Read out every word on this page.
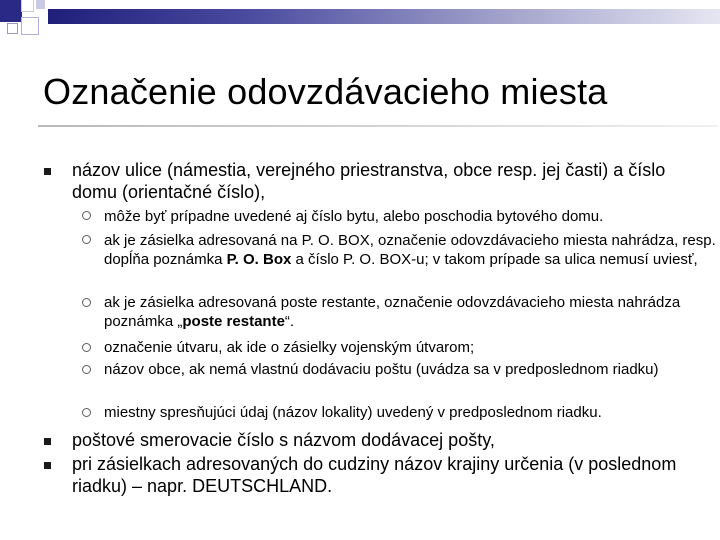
Označenie odovzdávacieho miesta
názov ulice (námestia, verejného priestranstva, obce resp. jej časti) a číslo domu (orientačné číslo),
môže byť prípadne uvedené aj číslo bytu, alebo poschodia bytového domu.
ak je zásielka adresovaná na P. O. BOX, označenie odovzdávacieho miesta nahrádza, resp. dopĺňa poznámka P. O. Box a číslo P. O. BOX-u; v takom prípade sa ulica nemusí uviesť,
ak je zásielka adresovaná poste restante, označenie odovzdávacieho miesta nahrádza poznámka „poste restante“.
označenie útvaru, ak ide o zásielky vojenským útvarom;
názov obce, ak nemá vlastnú dodávaciu poštu (uvádza sa v predposlednom riadku)
miestny spresňujúci údaj (názov lokality) uvedený v predposlednom riadku.
poštové smerovacie číslo s názvom dodávacej pošty,
pri zásielkach adresovaných do cudziny názov krajiny určenia (v poslednom riadku) – napr. DEUTSCHLAND.
